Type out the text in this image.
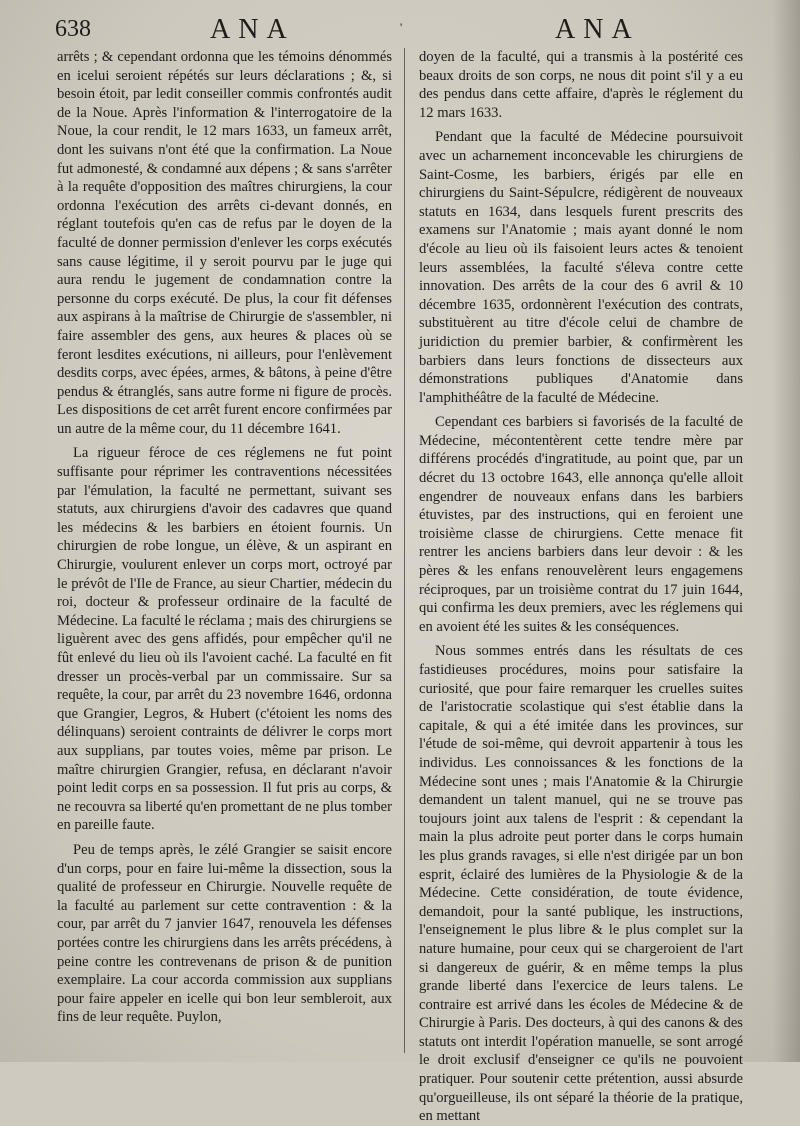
638	ANA	'	ANA

arrêts ; & cependant ordonna que les témoins dénommés en icelui seroient répétés sur leurs déclarations ; &, si besoin étoit, par ledit conseiller commis confrontés audit de la Noue. Après l'information & l'interrogatoire de la Noue, la cour rendit, le 12 mars 1633, un fameux arrêt, dont les suivans n'ont été que la confirmation. La Noue fut admonesté, & condamné aux dépens ; & sans s'arrêter à la requête d'opposition des maîtres chirurgiens, la cour ordonna l'exécution des arrêts ci-devant donnés, en réglant toutefois qu'en cas de refus par le doyen de la faculté de donner permission d'enlever les corps exécutés sans cause légitime, il y seroit pourvu par le juge qui aura rendu le jugement de condamnation contre la personne du corps exécuté. De plus, la cour fit défenses aux aspirans à la maîtrise de Chirurgie de s'assembler, ni faire assembler des gens, aux heures & places où se feront lesdites exécutions, ni ailleurs, pour l'enlèvement desdits corps, avec épées, armes, & bâtons, à peine d'être pendus & étranglés, sans autre forme ni figure de procès. Les dispositions de cet arrêt furent encore confirmées par un autre de la même cour, du 11 décembre 1641.

La rigueur féroce de ces réglemens ne fut point suffisante pour réprimer les contraventions nécessitées par l'émulation, la faculté ne permettant, suivant ses statuts, aux chirurgiens d'avoir des cadavres que quand les médecins & les barbiers en étoient fournis. Un chirurgien de robe longue, un élève, & un aspirant en Chirurgie, voulurent enlever un corps mort, octroyé par le prévôt de l'Ile de France, au sieur Chartier, médecin du roi, docteur & professeur ordinaire de la faculté de Médecine. La faculté le réclama ; mais des chirurgiens se liguèrent avec des gens affidés, pour empêcher qu'il ne fût enlevé du lieu où ils l'avoient caché. La faculté en fit dresser un procès-verbal par un commissaire. Sur sa requête, la cour, par arrêt du 23 novembre 1646, ordonna que Grangier, Legros, & Hubert (c'étoient les noms des délinquans) seroient contraints de délivrer le corps mort aux supplians, par toutes voies, même par prison. Le maître chirurgien Grangier, refusa, en déclarant n'avoir point ledit corps en sa possession. Il fut pris au corps, & ne recouvra sa liberté qu'en promettant de ne plus tomber en pareille faute.

Peu de temps après, le zélé Grangier se saisit encore d'un corps, pour en faire lui-même la dissection, sous la qualité de professeur en Chirurgie. Nouvelle requête de la faculté au parlement sur cette contravention : & la cour, par arrêt du 7 janvier 1647, renouvela les défenses portées contre les chirurgiens dans les arrêts précédens, à peine contre les contrevenans de prison & de punition exemplaire. La cour accorda commission aux supplians pour faire appeler en icelle qui bon leur sembleroit, aux fins de leur requête. Puylon,

doyen de la faculté, qui a transmis à la postérité ces beaux droits de son corps, ne nous dit point s'il y a eu des pendus dans cette affaire, d'après le réglement du 12 mars 1633.

Pendant que la faculté de Médecine poursuivoit avec un acharnement inconcevable les chirurgiens de Saint-Cosme, les barbiers, érigés par elle en chirurgiens du Saint-Sépulcre, rédigèrent de nouveaux statuts en 1634, dans lesquels furent prescrits des examens sur l'Anatomie ; mais ayant donné le nom d'école au lieu où ils faisoient leurs actes & tenoient leurs assemblées, la faculté s'éleva contre cette innovation. Des arrêts de la cour des 6 avril & 10 décembre 1635, ordonnèrent l'exécution des contrats, substituèrent au titre d'école celui de chambre de juridiction du premier barbier, & confirmèrent les barbiers dans leurs fonctions de dissecteurs aux démonstrations publiques d'Anatomie dans l'amphithéâtre de la faculté de Médecine.

Cependant ces barbiers si favorisés de la faculté de Médecine, mécontentèrent cette tendre mère par différens procédés d'ingratitude, au point que, par un décret du 13 octobre 1643, elle annonça qu'elle alloit engendrer de nouveaux enfans dans les barbiers étuvistes, par des instructions, qui en feroient une troisième classe de chirurgiens. Cette menace fit rentrer les anciens barbiers dans leur devoir : & les pères & les enfans renouvelèrent leurs engagemens réciproques, par un troisième contrat du 17 juin 1644, qui confirma les deux premiers, avec les réglemens qui en avoient été les suites & les conséquences.

Nous sommes entrés dans les résultats de ces fastidieuses procédures, moins pour satisfaire la curiosité, que pour faire remarquer les cruelles suites de l'aristocratie scolastique qui s'est établie dans la capitale, & qui a été imitée dans les provinces, sur l'étude de soi-même, qui devroit appartenir à tous les individus. Les connoissances & les fonctions de la Médecine sont unes ; mais l'Anatomie & la Chirurgie demandent un talent manuel, qui ne se trouve pas toujours joint aux talens de l'esprit : & cependant la main la plus adroite peut porter dans le corps humain les plus grands ravages, si elle n'est dirigée par un bon esprit, éclairé des lumières de la Physiologie & de la Médecine. Cette considération, de toute évidence, demandoit, pour la santé publique, les instructions, l'enseignement le plus libre & le plus complet sur la nature humaine, pour ceux qui se chargeroient de l'art si dangereux de guérir, & en même temps la plus grande liberté dans l'exercice de leurs talens. Le contraire est arrivé dans les écoles de Médecine & de Chirurgie à Paris. Des docteurs, à qui des canons & des statuts ont interdit l'opération manuelle, se sont arrogé le droit exclusif d'enseigner ce qu'ils ne pouvoient pratiquer. Pour soutenir cette prétention, aussi absurde qu'orgueilleuse, ils ont séparé la théorie de la pratique, en mettant
